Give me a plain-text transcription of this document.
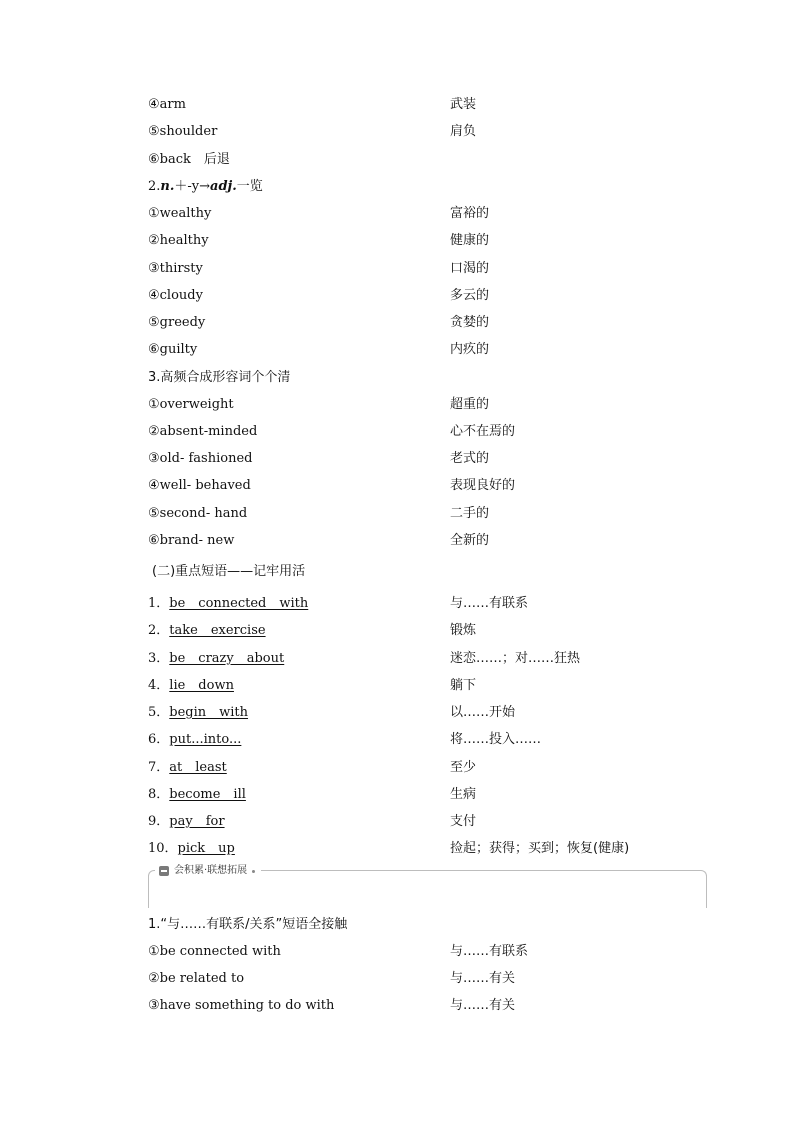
④arm	武装
⑤shoulder	肩负
⑥back　后退
2.n.＋-y→adj.一览
①wealthy	富裕的
②healthy	健康的
③thirsty	口渴的
④cloudy	多云的
⑤greedy	贪婪的
⑥guilty	内疚的
3.高频合成形容词个个清
①overweight	超重的
②absent-minded	心不在焉的
③old- fashioned	老式的
④well- behaved	表现良好的
⑤second- hand	二手的
⑥brand- new	全新的
(二)重点短语——记牢用活
1．be　connected　with	与……有联系
2．take　exercise	锻炼
3．be　crazy　about	迷恋……；对……狂热
4．lie　down	躺下
5．begin　with	以……开始
6．put...into...	将……投入……
7．at　least	至少
8．become　ill	生病
9．pay　for	支付
10．pick　up	捡起；获得；买到；恢复(健康)
会积累·联想拓展
1.“与……有联系/关系”短语全接触
①be connected with	与……有联系
②be related to	与……有关
③have something to do with	与……有关
